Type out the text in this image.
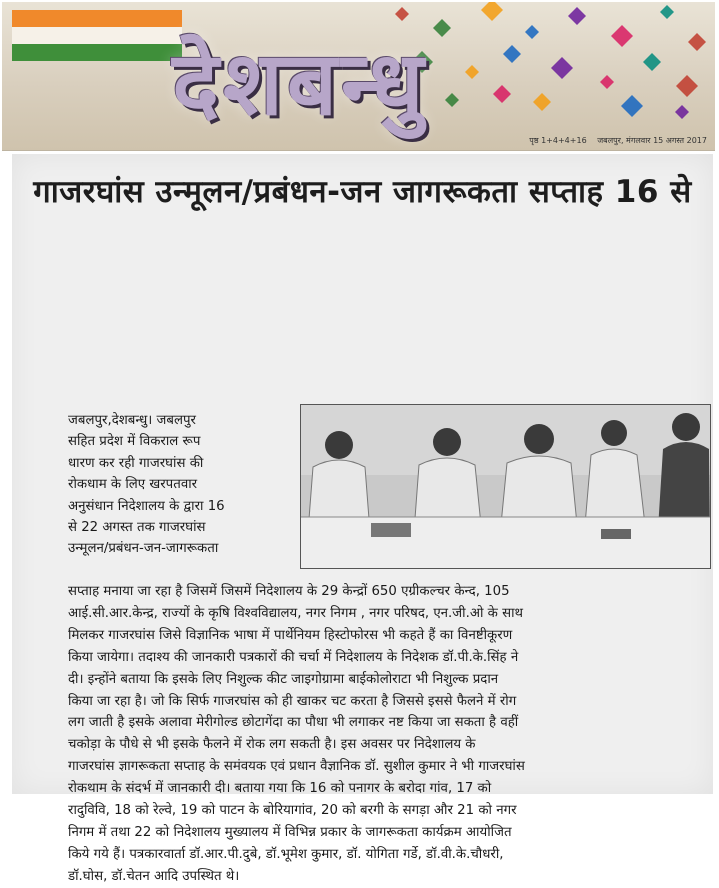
देशबन्धु
पृष्ठ 1+4+4+16 जबलपुर, मंगलवार 15 अगस्त 2017
गाजरघांस उन्मूलन/प्रबंधन-जन जागरूकता सप्ताह 16 से
जबलपुर,देशबन्धु। जबलपुर
सहित प्रदेश में विकराल रूप
धारण कर रही गाजरघांस की
रोकधाम के लिए खरपतवार
अनुसंधान निदेशालय के द्वारा 16
से 22 अगस्त तक गाजरघांस
उन्मूलन/प्रबंधन-जन-जागरूकता
सप्ताह मनाया जा रहा है जिसमें जिसमें निदेशालय के 29 केन्द्रों 650 एग्रीकल्चर केन्द, 105
आई.सी.आर.केन्द्र, राज्यों के कृषि विश्वविद्यालय, नगर निगम , नगर परिषद, एन.जी.ओ के साथ
मिलकर गाजरघांस जिसे विज्ञानिक भाषा में पार्थेनियम हिस्टोफोरस भी कहते हैं का विनष्टीकूरण
किया जायेगा। तदाश्य की जानकारी पत्रकारों की चर्चा में निदेशालय के निदेशक डॉ.पी.के.सिंह ने
दी। इन्होंने बताया कि इसके लिए निशुल्क कीट जाइगोग्रामा बाईकोलोराटा भी निशुल्क प्रदान
किया जा रहा है। जो कि सिर्फ गाजरघांस को ही खाकर चट करता है जिससे इससे फैलने में रोग
लग जाती है इसके अलावा मेरीगोल्ड छोटागेंदा का पौधा भी लगाकर नष्ट किया जा सकता है वहीं
चकोड़ा के पौधे से भी इसके फैलने में रोक लग सकती है। इस अवसर पर निदेशालय के
गाजरघांस ज्ञागरूकता सप्ताह के समंवयक एवं प्रधान वैज्ञानिक डॉ. सुशील कुमार ने भी गाजरघांस
रोकथाम के संदर्भ में जानकारी दी। बताया गया कि 16 को पनागर के बरोदा गांव, 17 को
रादुविवि, 18 को रेल्वे, 19 को पाटन के बोरियागांव, 20 को बरगी के सगड़ा और 21 को नगर
निगम में तथा 22 को निदेशालय मुख्यालय में विभिन्न प्रकार के जागरूकता कार्यक्रम आयोजित
किये गये हैं। पत्रकारवार्ता डॉ.आर.पी.दुबे, डॉ.भूमेश कुमार, डॉ. योगिता गर्डे, डॉ.वी.के.चौधरी,
डॉ.घोस, डॉ.चेतन आदि उपस्थित थे।
